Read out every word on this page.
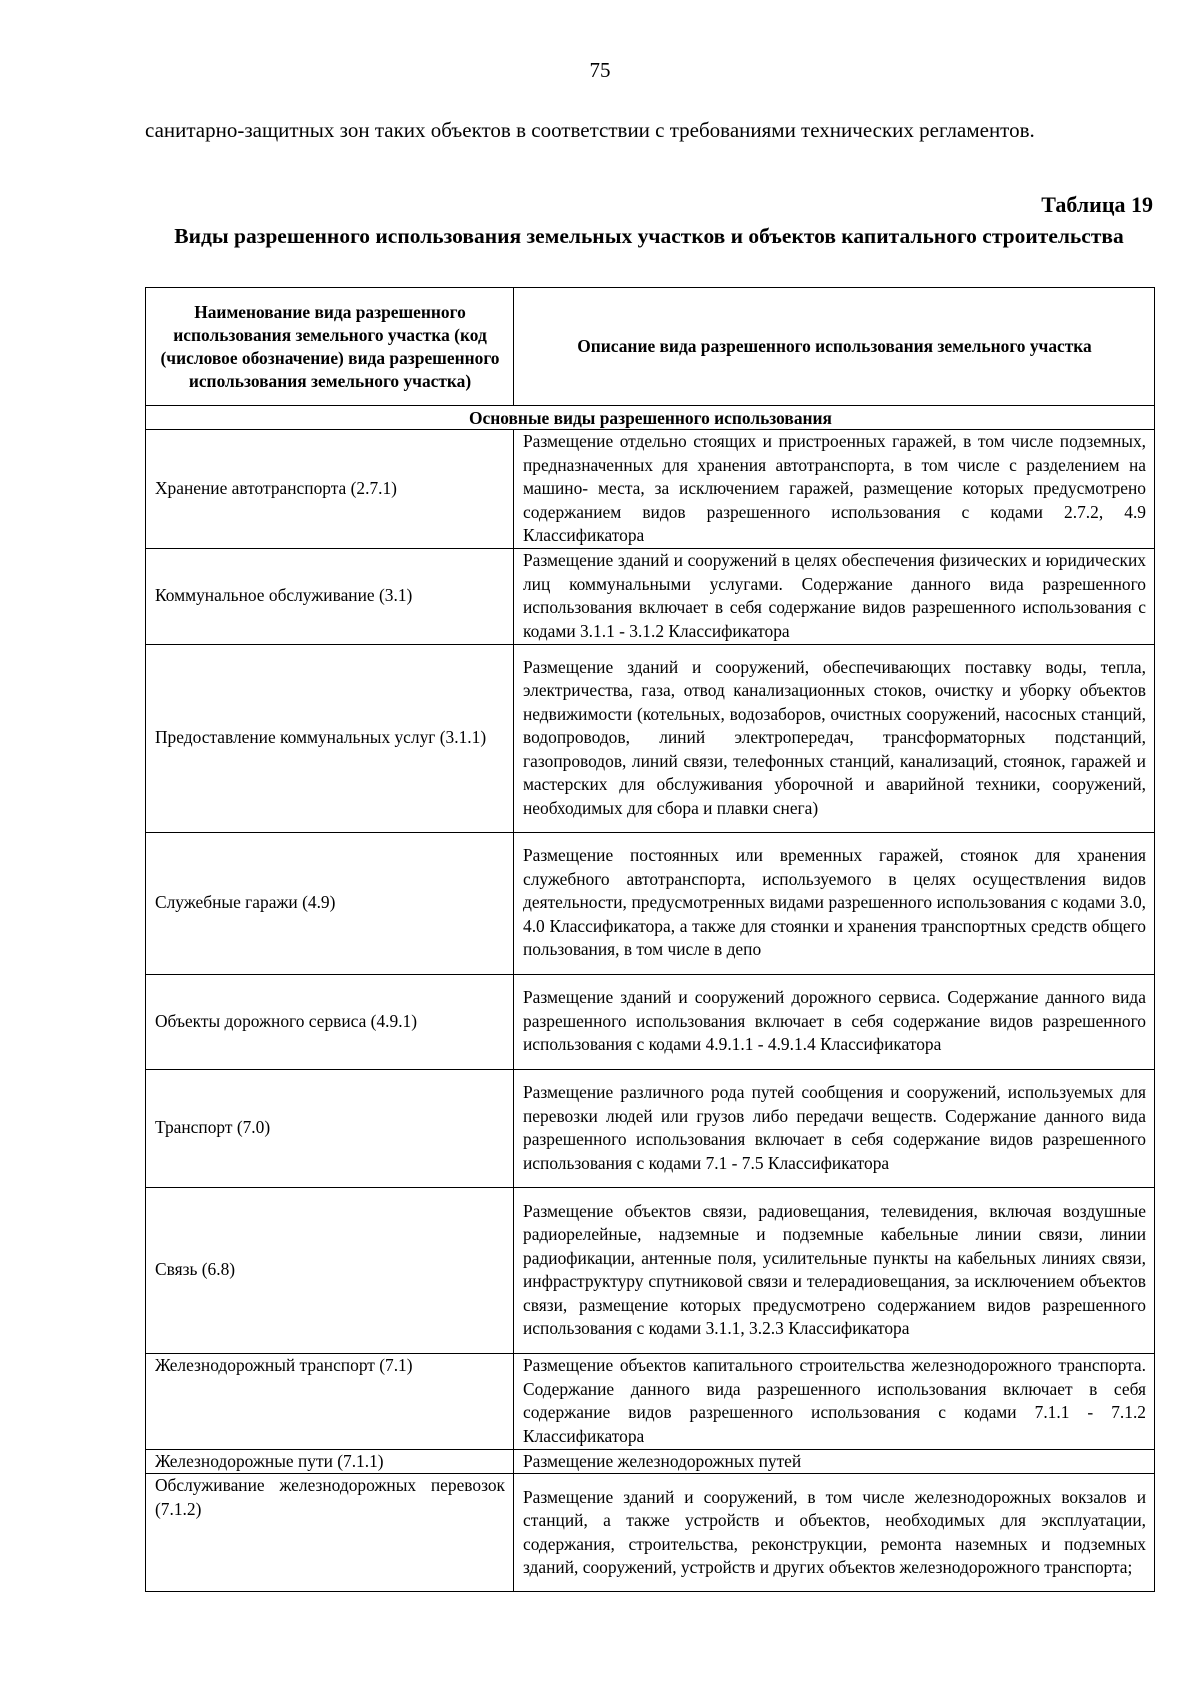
75

санитарно-защитных зон таких объектов в соответствии с требованиями технических регламентов.

Таблица 19
Виды разрешенного использования земельных участков и объектов капитального строительства
Наименование вида разрешенного использования земельного участка (код (числовое обозначение) вида разрешенного использования земельного участка)	Описание вида разрешенного использования земельного участка
Основные виды разрешенного использования	
Хранение автотранспорта (2.7.1)	Размещение отдельно стоящих и пристроенных гаражей, в том числе подземных, предназначенных для хранения автотранспорта, в том числе с разделением на машино- места, за исключением гаражей, размещение которых предусмотрено содержанием видов разрешенного использования с кодами 2.7.2, 4.9 Классификатора
Коммунальное обслуживание (3.1)	Размещение зданий и сооружений в целях обеспечения физических и юридических лиц коммунальными услугами. Содержание данного вида разрешенного использования включает в себя содержание видов разрешенного использования с кодами 3.1.1 - 3.1.2 Классификатора
Предоставление коммунальных услуг (3.1.1)	Размещение зданий и сооружений, обеспечивающих поставку воды, тепла, электричества, газа, отвод канализационных стоков, очистку и уборку объектов недвижимости (котельных, водозаборов, очистных сооружений, насосных станций, водопроводов, линий электропередач, трансформаторных подстанций, газопроводов, линий связи, телефонных станций, канализаций, стоянок, гаражей и мастерских для обслуживания уборочной и аварийной техники, сооружений, необходимых для сбора и плавки снега)
Служебные гаражи (4.9)	Размещение постоянных или временных гаражей, стоянок для хранения служебного автотранспорта, используемого в целях осуществления видов деятельности, предусмотренных видами разрешенного использования с кодами 3.0, 4.0 Классификатора, а также для стоянки и хранения транспортных средств общего пользования, в том числе в депо
Объекты дорожного сервиса (4.9.1)	Размещение зданий и сооружений дорожного сервиса. Содержание данного вида разрешенного использования включает в себя содержание видов разрешенного использования с кодами 4.9.1.1 - 4.9.1.4 Классификатора
Транспорт (7.0)	Размещение различного рода путей сообщения и сооружений, используемых для перевозки людей или грузов либо передачи веществ. Содержание данного вида разрешенного использования включает в себя содержание видов разрешенного использования с кодами 7.1 - 7.5 Классификатора
Связь (6.8)	Размещение объектов связи, радиовещания, телевидения, включая воздушные радиорелейные, надземные и подземные кабельные линии связи, линии радиофикации, антенные поля, усилительные пункты на кабельных линиях связи, инфраструктуру спутниковой связи и телерадиовещания, за исключением объектов связи, размещение которых предусмотрено содержанием видов разрешенного использования с кодами 3.1.1, 3.2.3 Классификатора
Железнодорожный транспорт (7.1)	Размещение объектов капитального строительства железнодорожного транспорта. Содержание данного вида разрешенного использования включает в себя содержание видов разрешенного использования с кодами 7.1.1 - 7.1.2 Классификатора
Железнодорожные пути (7.1.1)	Размещение железнодорожных путей
Обслуживание железнодорожных перевозок (7.1.2)	Размещение зданий и сооружений, в том числе железнодорожных вокзалов и станций, а также устройств и объектов, необходимых для эксплуатации, содержания, строительства, реконструкции, ремонта наземных и подземных зданий, сооружений, устройств и других объектов железнодорожного транспорта;
